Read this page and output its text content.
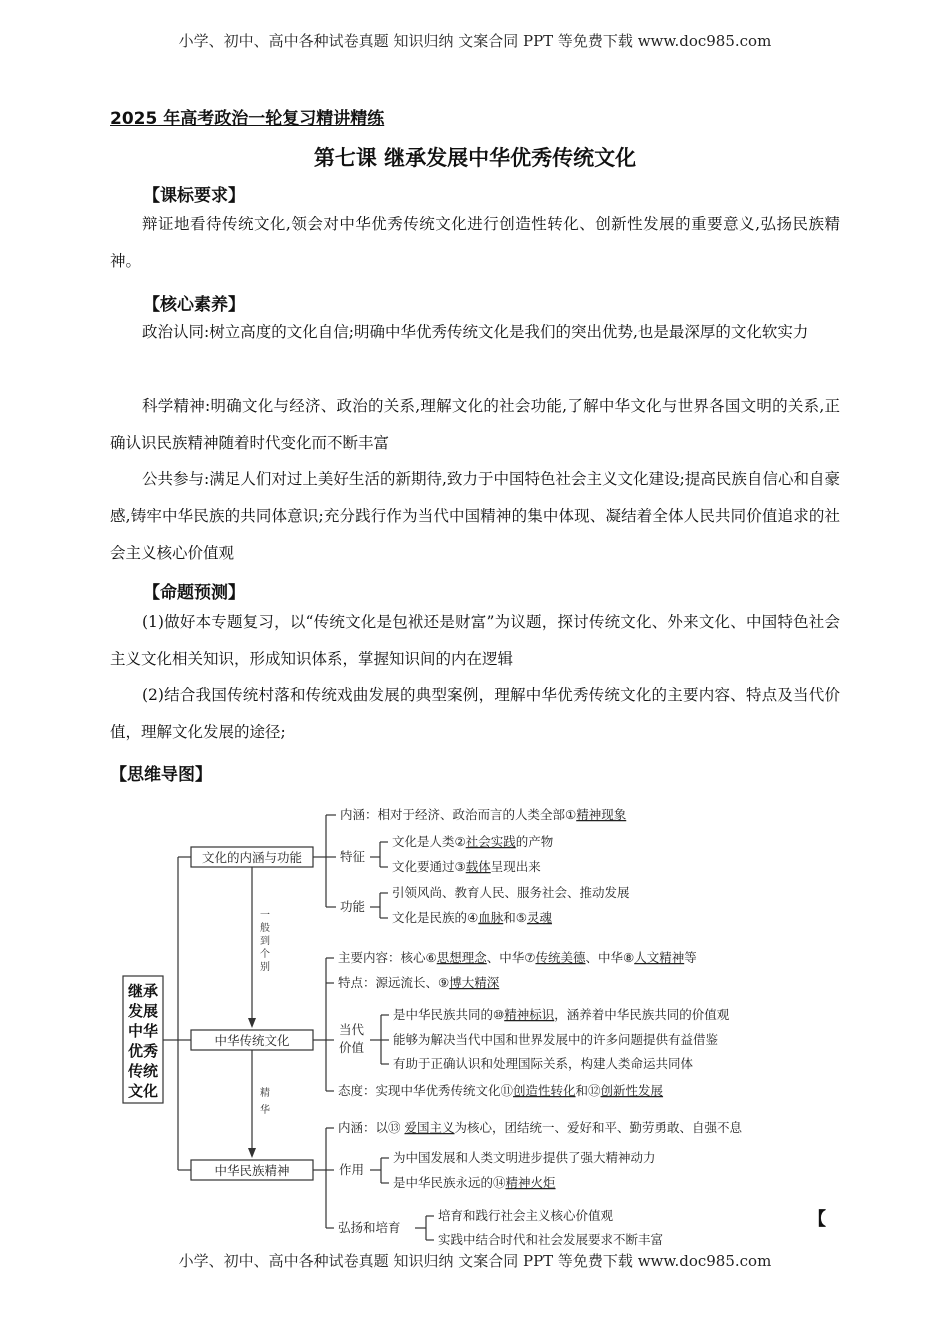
小学、初中、高中各种试卷真题 知识归纳 文案合同 PPT 等免费下载 www.doc985.com
2025 年高考政治一轮复习精讲精练
第七课 继承发展中华优秀传统文化
【课标要求】

辩证地看待传统文化,领会对中华优秀传统文化进行创造性转化、创新性发展的重要意义,弘扬民族精神。

【核心素养】

政治认同:树立高度的文化自信;明确中华优秀传统文化是我们的突出优势,也是最深厚的文化软实力

科学精神:明确文化与经济、政治的关系,理解文化的社会功能,了解中华文化与世界各国文明的关系,正确认识民族精神随着时代变化而不断丰富

公共参与:满足人们对过上美好生活的新期待,致力于中国特色社会主义文化建设;提高民族自信心和自豪感,铸牢中华民族的共同体意识;充分践行作为当代中国精神的集中体现、凝结着全体人民共同价值追求的社会主义核心价值观

【命题预测】

(1)做好本专题复习，以“传统文化是包袱还是财富”为议题，探讨传统文化、外来文化、中国特色社会主义文化相关知识，形成知识体系，掌握知识间的内在逻辑

(2)结合我国传统村落和传统戏曲发展的典型案例，理解中华优秀传统文化的主要内容、特点及当代价值，理解文化发展的途径;

【思维导图】
继承
发展
中华
优秀
传统
文化
一
般
到
个
别
精
华
文化的内涵与功能
中华传统文化
中华民族精神
内涵：相对于经济、政治而言的人类全部①精神现象
特征
文化是人类②社会实践的产物
文化要通过③载体呈现出来
功能
引领风尚、教育人民、服务社会、推动发展
文化是民族的④血脉和⑤灵魂
主要内容：核心⑥思想理念、中华⑦传统美德、中华⑧人文精神等
特点：源远流长、⑨博大精深
当代
价值
是中华民族共同的⑩精神标识，涵养着中华民族共同的价值观
能够为解决当代中国和世界发展中的许多问题提供有益借鉴
有助于正确认识和处理国际关系，构建人类命运共同体
态度：实现中华优秀传统文化⑪创造性转化和⑫创新性发展
内涵：以⑬ 爱国主义为核心，团结统一、爱好和平、勤劳勇敢、自强不息
作用
为中国发展和人类文明进步提供了强大精神动力
是中华民族永远的⑭精神火炬
弘扬和培育
培育和践行社会主义核心价值观
实践中结合时代和社会发展要求不断丰富
【
小学、初中、高中各种试卷真题 知识归纳 文案合同 PPT 等免费下载 www.doc985.com
